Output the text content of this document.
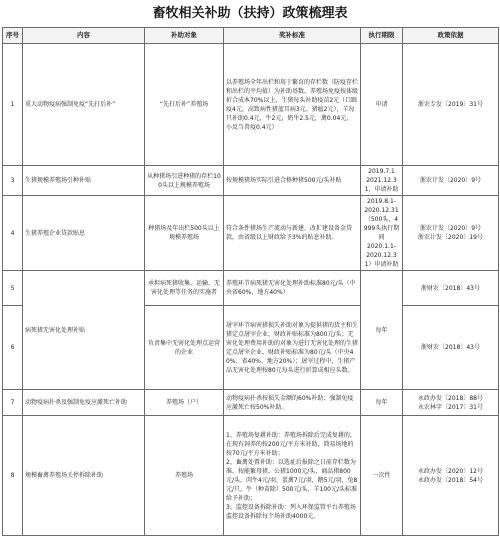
畜牧相关补助（扶持）政策梳理表
序号	内容	补助对象	奖补标准	执行期限	政策依据
1	重大动物疫病强制免疫“先打后补”	“先打后补”养殖场	以养殖场全年出栏和用于繁育的存栏数（防疫存栏和出栏的平均值）为补助基数。养殖场免疫按体级折合成本70%以上，生猪每头补助疫苗2元（口蹄疫4元，高致病性猪蓝耳病3元、猪瘟2元），羊每只补助0.4元，牛2元，奶牛2.5元，禽0.04元，小反刍兽疫0.4元）	申请	浙农专发〔2019〕31号
3	生猪规模养殖场引种补贴	从种猪场引进种猪的存栏100头以上规模养殖场	按规模猪场实际引进合格种猪500元/头补贴	2019.7.1
2021.12.31，申请补助	浙农计发〔2020〕9号
4	生猪养殖企业贷款贴息	种猪场及年出栏500头以上规模养殖场	符合条件猪场生产流动与新建、改扩建设备金贷款，由省级以上财政给予3%的贴息补助。	2019.8.1-
2020.12.31（500头、4999头执行期间
2020.1.1-
2020.12.31）申请补助	浙农计发〔2020〕9号
浙农计发〔2020〕19号

5	病死猪无害化处理补贴	承担病死猪收集、运输、无害化处理等任务的实施者	养殖环节病死猪无害化处理补助标准80元/头（中央省60%、地方40%）	每年	浙财农〔2018〕43号
6		负责集中无害化处理点运营的企业	屠宰环节病害猪损失补助对象为提供猪的货主和生猪定点屠宰企业，财政补贴标准为800元/头；无害化处理费用补助的对象为进行无害化处理的生猪定点屠宰企业，财政补贴标准为80元/头（中央40%、省40%、地方20%）；屠宰过程中，生猪产品无害化处理按80元每头进行折算成相应头数。		浙财农〔2018〕43号
7	动物疫病扑杀及强制免疫应激死亡补助	养殖场（户）	动物疫病扑杀按损失金额的60%补助；强制免疫应激死亡按50%补助。	每年	永政办发〔2018〕88号
永农林字〔2017〕31号

8	规模畜禽养殖场关停拆除补助	养殖场	1、养殖场复耕补助：养殖场拆除后完成复耕的，在现有饲养的按200元/平方米补助，简易场地的按70元/平方米补助；
2、畜禽处置补助：以选址后报除之日前存栏数为准，按能繁母猪、公猪1000元/头，商品猪800元/头，肉牛4元/羽，蛋禽7元/羽，鹅5元/羽，兔8元/只，牛（种苗除）500元/头，羊100元/头标准给予补助；
3、监控设备拆除补助：列入环保监管平台养殖场监控设备拆除每个场补助4000元。	一次性	永政办发〔2020〕12号
永政办发〔2018〕54号
